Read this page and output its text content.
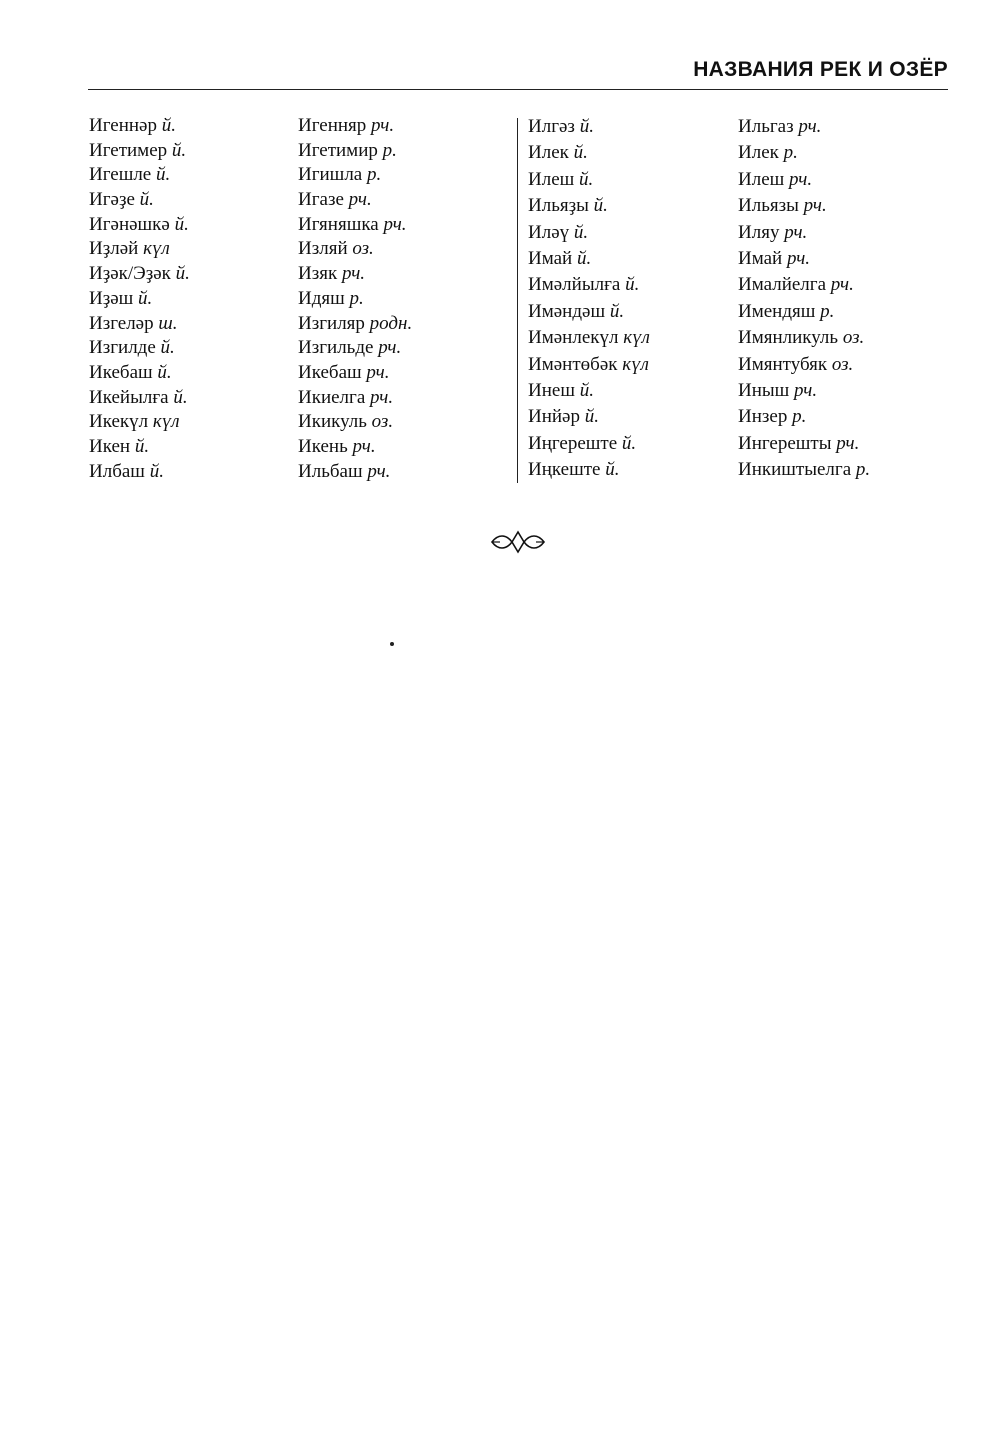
НАЗВАНИЯ РЕК И ОЗЁР
Игеннәр й.	Игенняр рч.
Игетимер й.	Игетимир р.
Игешле й.	Игишла р.
Игәҙе й.	Игазе рч.
Игәнәшкә й.	Игяняшка рч.
Иҙләй күл	Изляй оз.
Иҙәк/Эҙәк й.	Изяк рч.
Иҙәш й.	Идяш р.
Изгеләр ш.	Изгиляр родн.
Изгилде й.	Изгильде рч.
Икебаш й.	Икебаш рч.
Икейылға й.	Икиелга рч.
Икекүл күл	Икикуль оз.
Икен й.	Икень рч.
Илбаш й.	Ильбаш рч.
Илгәз й.	Ильгаз рч.
Илек й.	Илек р.
Илеш й.	Илеш рч.
Ильяҙы й.	Ильязы рч.
Иләү й.	Иляу рч.
Имай й.	Имай рч.
Имәлйылға й.	Ималйелга рч.
Имәндәш й.	Имендяш р.
Имәнлекүл күл	Имянликуль оз.
Имәнтөбәк күл	Имянтубяк оз.
Инеш й.	Иныш рч.
Инйәр й.	Инзер р.
Иңгереште й.	Ингерешты рч.
Иңкеште й.	Инкиштыелга р.
